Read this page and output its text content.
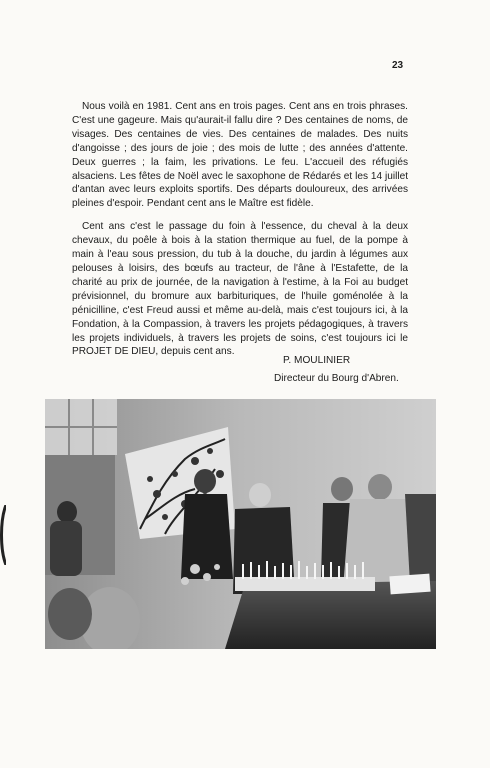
23

Nous voilà en 1981. Cent ans en trois pages. Cent ans en trois phrases. C'est une gageure. Mais qu'aurait-il fallu dire ? Des centaines de noms, de visages. Des centaines de vies. Des centaines de malades. Des nuits d'angoisse ; des jours de joie ; des mois de lutte ; des années d'attente. Deux guerres ; la faim, les privations. Le feu. L'accueil des réfugiés alsaciens. Les fêtes de Noël avec le saxophone de Rédarés et les 14 juillet d'antan avec leurs exploits sportifs. Des départs douloureux, des arrivées pleines d'espoir. Pendant cent ans le Maître est fidèle.

Cent ans c'est le passage du foin à l'essence, du cheval à la deux chevaux, du poêle à bois à la station thermique au fuel, de la pompe à main à l'eau sous pression, du tub à la douche, du jardin à légumes aux pelouses à loisirs, des bœufs au tracteur, de l'âne à l'Estafette, de la charité au prix de journée, de la navigation à l'estime, à la Foi au budget prévisionnel, du bromure aux barbituriques, de l'huile goménolée à la pénicilline, c'est Freud aussi et même au-delà, mais c'est toujours ici, à la Fondation, à la Compassion, à travers les projets pédagogiques, à travers les projets individuels, à travers les projets de soins, c'est toujours ici le PROJET DE DIEU, depuis cent ans.

P. MOULINIER
Directeur du Bourg d'Abren.
